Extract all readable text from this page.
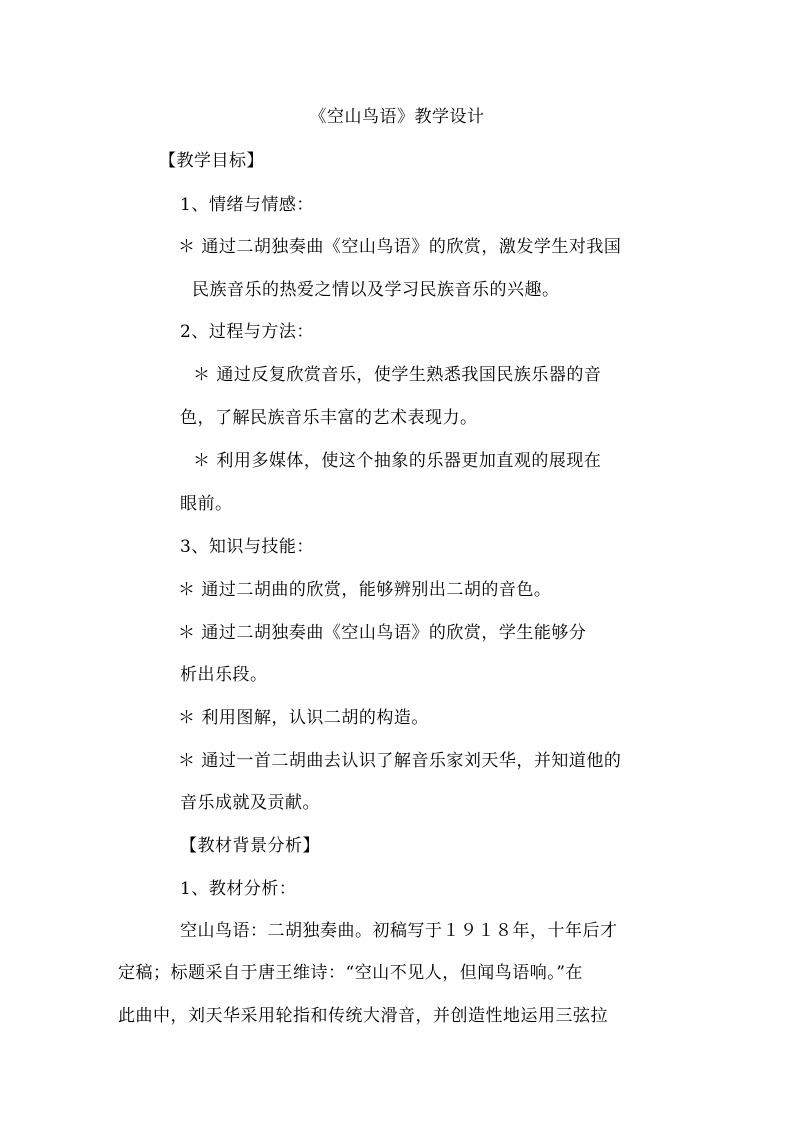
《空山鸟语》教学设计
【教学目标】
1、情绪与情感：
＊ 通过二胡独奏曲《空山鸟语》的欣赏，激发学生对我国
民族音乐的热爱之情以及学习民族音乐的兴趣。
2、过程与方法：
＊ 通过反复欣赏音乐，使学生熟悉我国民族乐器的音
色，了解民族音乐丰富的艺术表现力。
＊ 利用多媒体，使这个抽象的乐器更加直观的展现在
眼前。
3、知识与技能：
＊ 通过二胡曲的欣赏，能够辨别出二胡的音色。
＊ 通过二胡独奏曲《空山鸟语》的欣赏，学生能够分
析出乐段。
＊ 利用图解，认识二胡的构造。
＊ 通过一首二胡曲去认识了解音乐家刘天华，并知道他的
音乐成就及贡献。
【教材背景分析】
1、教材分析：
空山鸟语：二胡独奏曲。初稿写于１９１８年，十年后才
定稿；标题采自于唐王维诗：“空山不见人，但闻鸟语响。”在
此曲中，刘天华采用轮指和传统大滑音，并创造性地运用三弦拉
